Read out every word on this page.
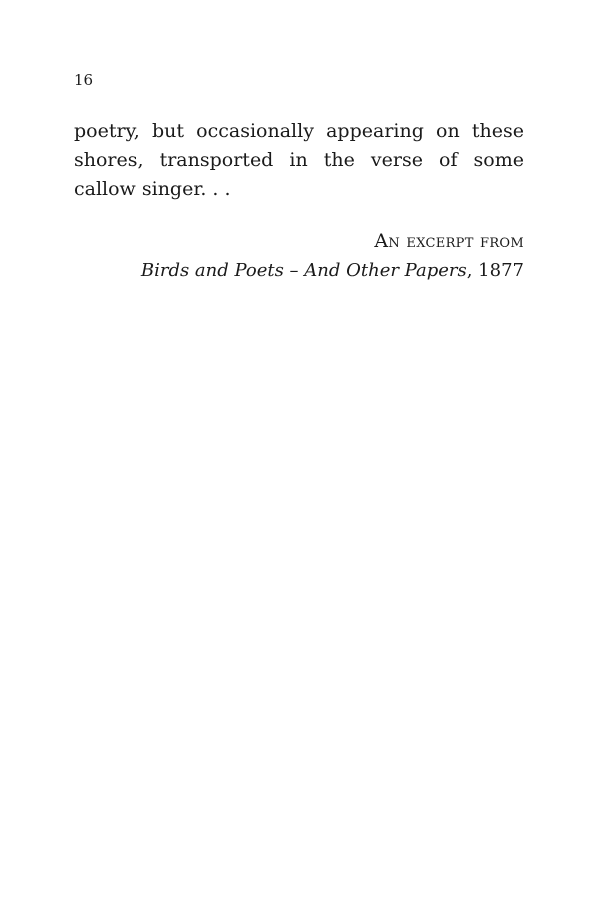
16

poetry, but occasionally appearing on these shores, transported in the verse of some callow singer. . .

An excerpt from
Birds and Poets – And Other Papers, 1877
